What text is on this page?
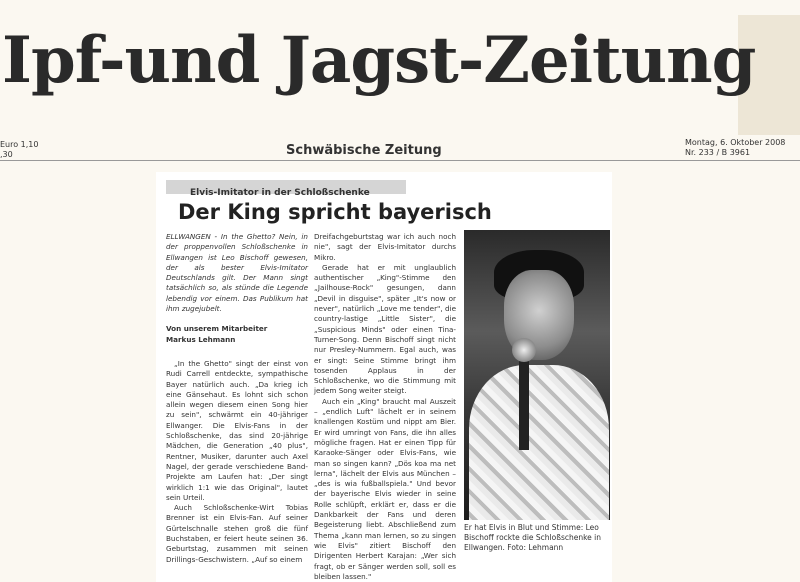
Ipf-und Jagst-Zeitung
Euro 1,10
,30	Schwäbische Zeitung
Montag, 6. Oktober 2008
Nr. 233 / B 3961
Elvis-Imitator in der Schloßschenke
Der King spricht bayerisch

ELLWANGEN - In the Ghetto? Nein, in der proppenvollen Schloßschenke in Ellwangen ist Leo Bischoff gewesen, der als bester Elvis-Imitator Deutschlands gilt. Der Mann singt tatsächlich so, als stünde die Legende lebendig vor einem. Das Publikum hat ihm zugejubelt.

Von unserem Mitarbeiter

Markus Lehmann

„In the Ghetto" singt der einst von Rudi Carrell entdeckte, sympathische Bayer natürlich auch. „Da krieg ich eine Gänsehaut. Es lohnt sich schon allein wegen diesem einen Song hier zu sein", schwärmt ein 40-jähriger Ellwanger. Die Elvis-Fans in der Schloßschenke, das sind 20-jährige Mädchen, die Generation „40 plus", Rentner, Musiker, darunter auch Axel Nagel, der gerade verschiedene Band-Projekte am Laufen hat: „Der singt wirklich 1:1 wie das Original", lautet sein Urteil.

Auch Schloßschenke-Wirt Tobias Brenner ist ein Elvis-Fan. Auf seiner Gürtelschnalle stehen groß die fünf Buchstaben, er feiert heute seinen 36. Geburtstag, zusammen mit seinen Drillings-Geschwistern. „Auf so einem

Dreifachgeburtstag war ich auch noch nie", sagt der Elvis-Imitator durchs Mikro.

Gerade hat er mit unglaublich authentischer „King"-Stimme den „Jailhouse-Rock" gesungen, dann „Devil in disguise", später „It's now or never", natürlich „Love me tender", die country-lastige „Little Sister", die „Suspicious Minds" oder einen Tina-Turner-Song. Denn Bischoff singt nicht nur Presley-Nummern. Egal auch, was er singt: Seine Stimme bringt ihm tosenden Applaus in der Schloßschenke, wo die Stimmung mit jedem Song weiter steigt.

Auch ein „King" braucht mal Auszeit – „endlich Luft" lächelt er in seinem knallengen Kostüm und nippt am Bier. Er wird umringt von Fans, die ihn alles mögliche fragen. Hat er einen Tipp für Karaoke-Sänger oder Elvis-Fans, wie man so singen kann? „Dös koa ma net lerna", lächelt der Elvis aus München – „des is wia fußballspiela." Und bevor der bayerische Elvis wieder in seine Rolle schlüpft, erklärt er, dass er die Dankbarkeit der Fans und deren Begeisterung liebt. Abschließend zum Thema „kann man lernen, so zu singen wie Elvis" zitiert Bischoff den Dirigenten Herbert Karajan: „Wer sich fragt, ob er Sänger werden soll, soll es bleiben lassen."

Er hat Elvis in Blut und Stimme: Leo Bischoff rockte die Schloßschenke in Ellwangen. Foto: Lehmann
